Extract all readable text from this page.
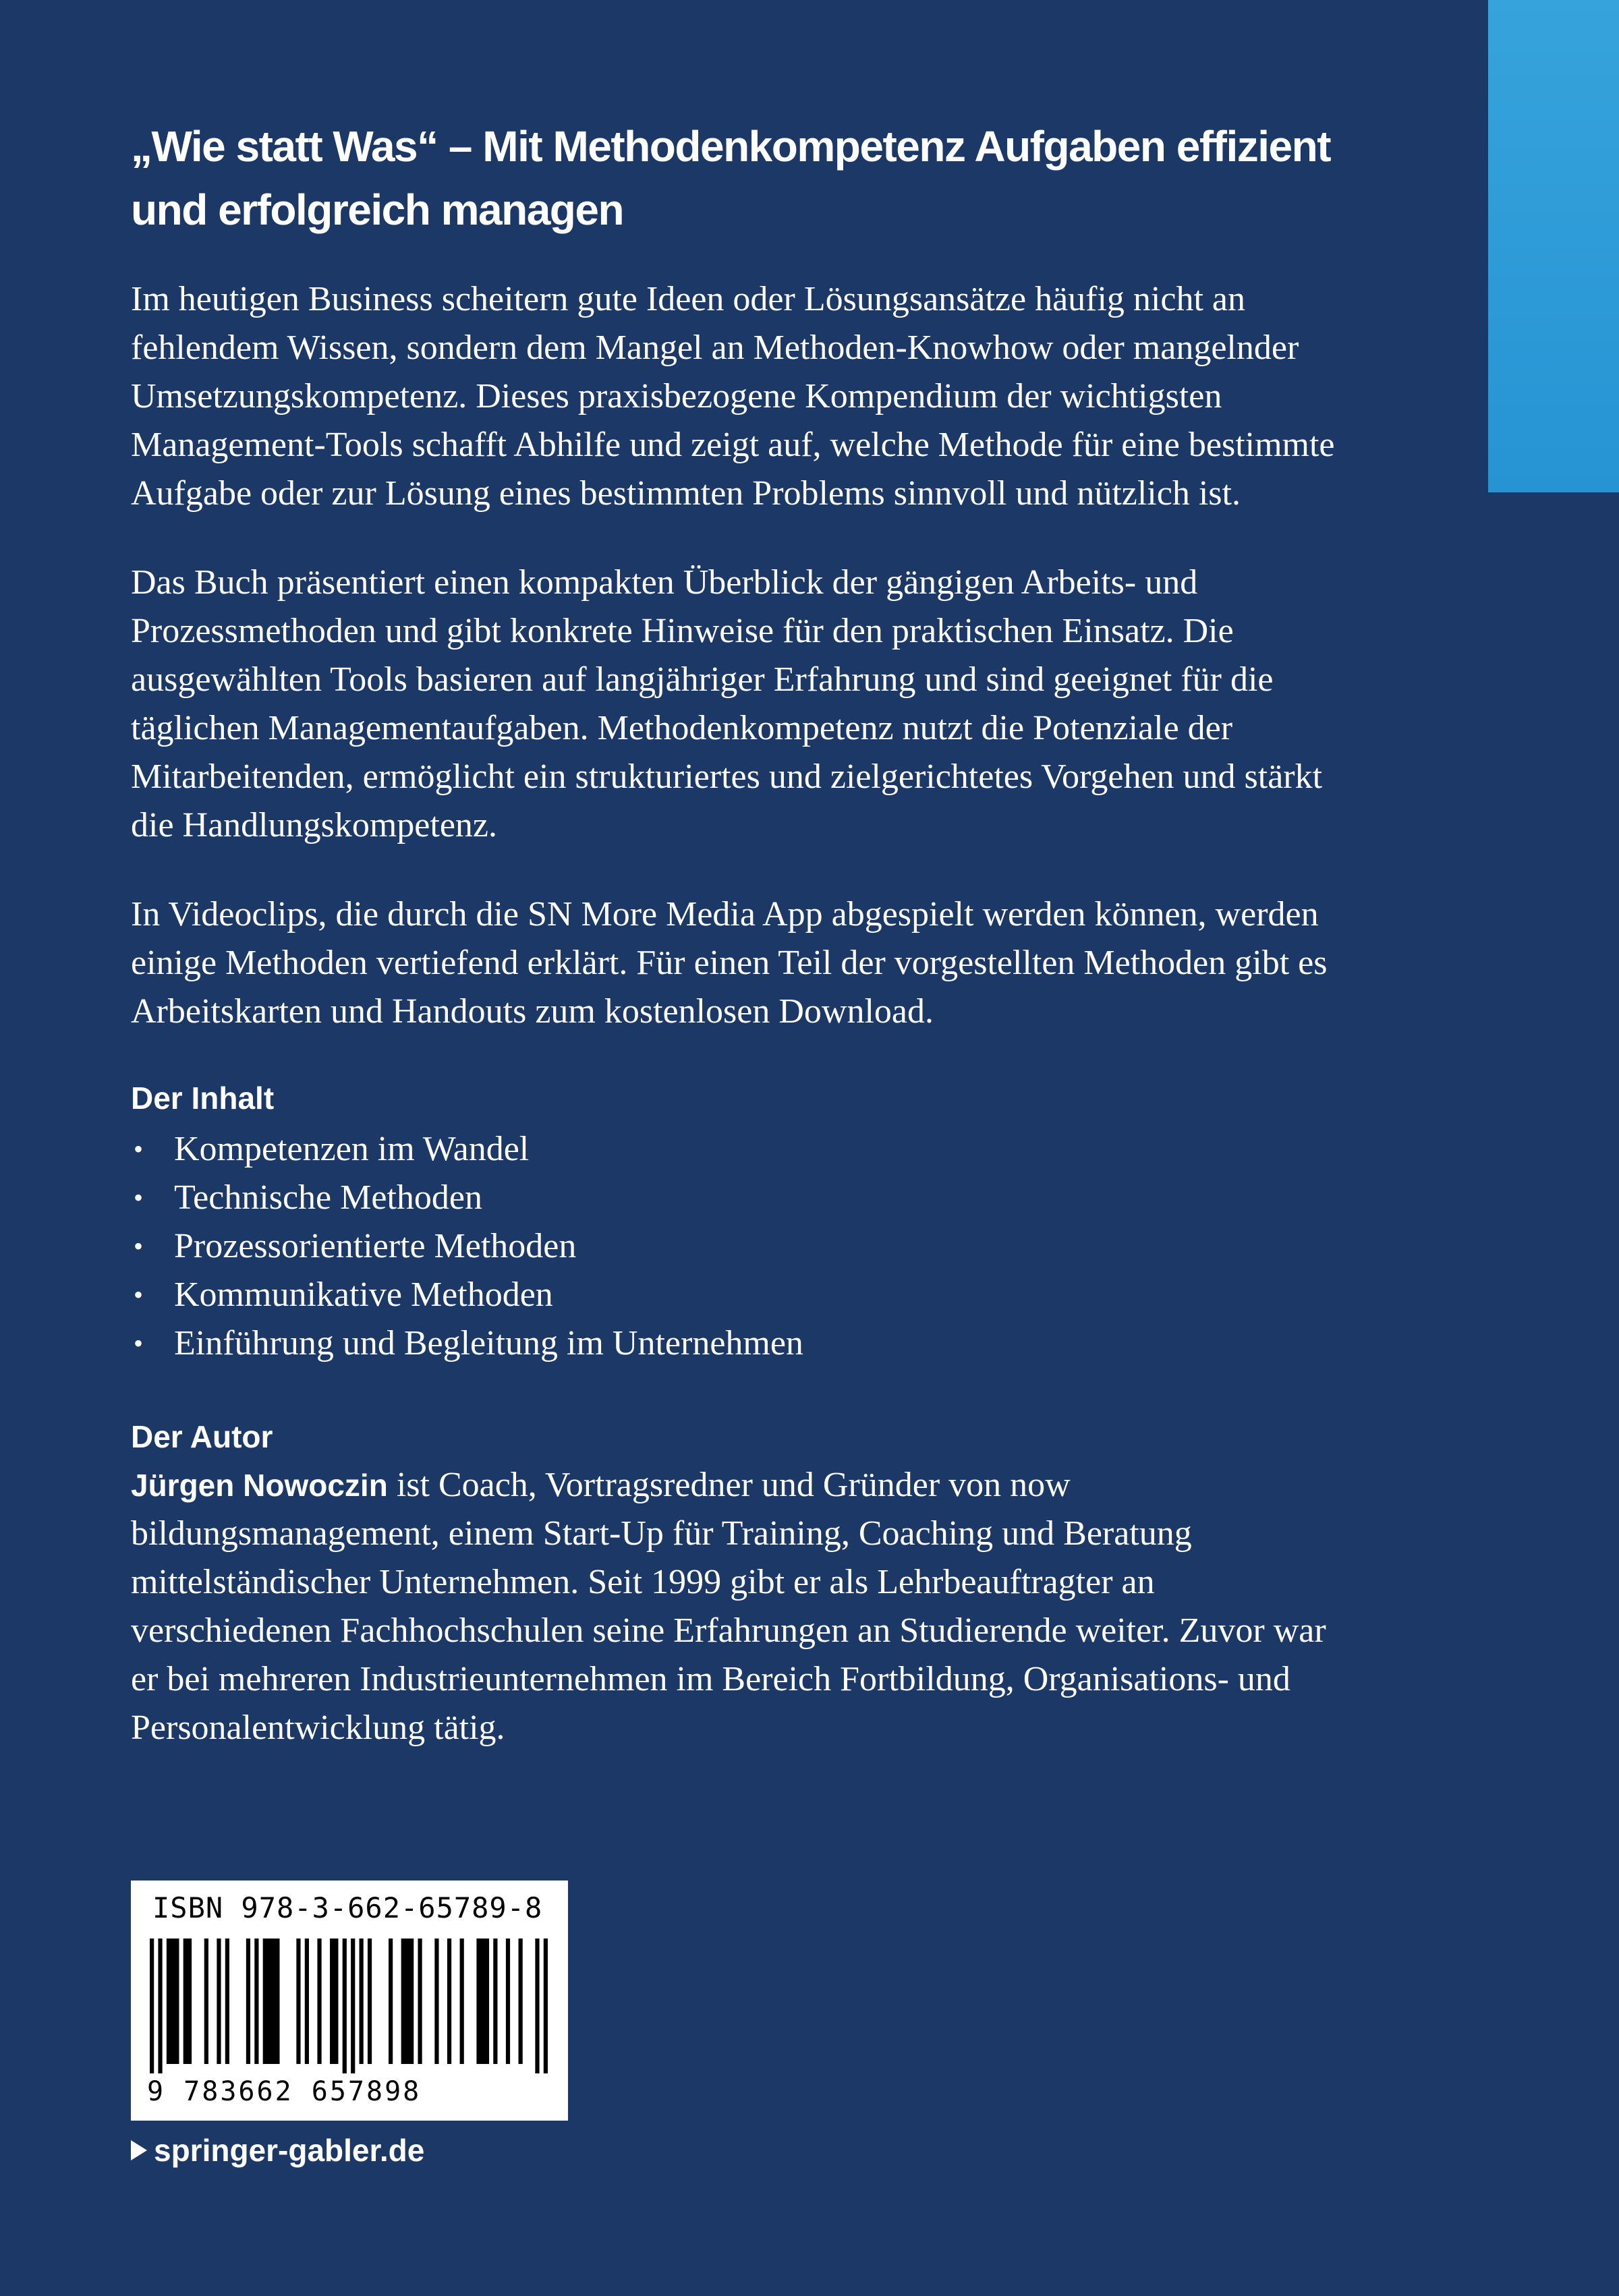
„Wie statt Was“ – Mit Methodenkompetenz Aufgaben effizient
und erfolgreich managen

Im heutigen Business scheitern gute Ideen oder Lösungsansätze häufig nicht an fehlendem Wissen, sondern dem Mangel an Methoden-Knowhow oder mangelnder Umsetzungskompetenz. Dieses praxisbezogene Kompendium der wichtigsten Management-Tools schafft Abhilfe und zeigt auf, welche Methode für eine bestimmte Aufgabe oder zur Lösung eines bestimmten Problems sinnvoll und nützlich ist.

Das Buch präsentiert einen kompakten Überblick der gängigen Arbeits- und Prozessmethoden und gibt konkrete Hinweise für den praktischen Einsatz. Die ausgewählten Tools basieren auf langjähriger Erfahrung und sind geeignet für die täglichen Managementaufgaben. Methodenkompetenz nutzt die Potenziale der Mitarbeitenden, ermöglicht ein strukturiertes und zielgerichtetes Vorgehen und stärkt die Handlungskompetenz.

In Videoclips, die durch die SN More Media App abgespielt werden können, werden einige Methoden vertiefend erklärt. Für einen Teil der vorgestellten Methoden gibt es Arbeitskarten und Handouts zum kostenlosen Download.

Der Inhalt
• Kompetenzen im Wandel
• Technische Methoden
• Prozessorientierte Methoden
• Kommunikative Methoden
• Einführung und Begleitung im Unternehmen
Der Autor

Jürgen Nowoczin ist Coach, Vortragsredner und Gründer von now bildungsmanagement, einem Start-Up für Training, Coaching und Beratung mittelständischer Unternehmen. Seit 1999 gibt er als Lehrbeauftragter an verschiedenen Fachhochschulen seine Erfahrungen an Studierende weiter. Zuvor war er bei mehreren Industrieunternehmen im Bereich Fortbildung, Organisations- und Personalentwicklung tätig.

ISBN 978-3-662-65789-8
9 783662 657898
springer-gabler.de
